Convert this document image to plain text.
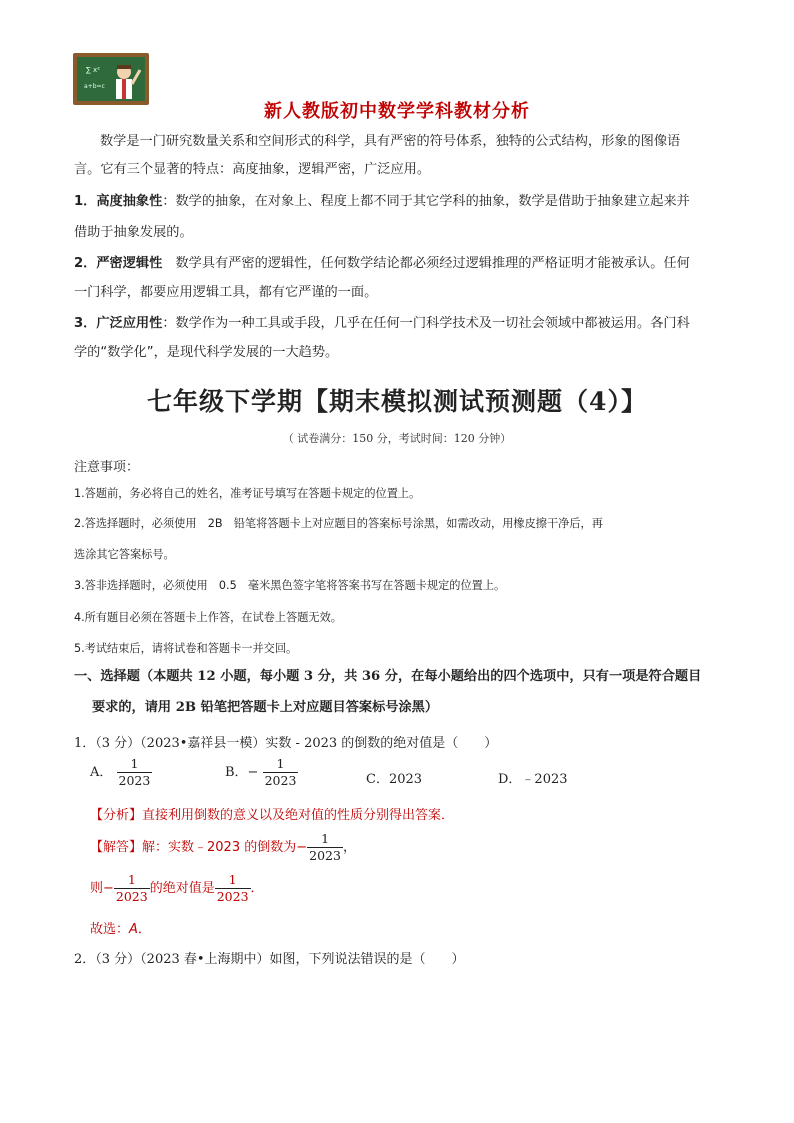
∑ x²
a+b=c
新人教版初中数学学科教材分析
数学是一门研究数量关系和空间形式的科学，具有严密的符号体系，独特的公式结构，形象的图像语
言。它有三个显著的特点：高度抽象，逻辑严密，广泛应用。
1．高度抽象性：数学的抽象，在对象上、程度上都不同于其它学科的抽象，数学是借助于抽象建立起来并
借助于抽象发展的。
2．严密逻辑性　数学具有严密的逻辑性，任何数学结论都必须经过逻辑推理的严格证明才能被承认。任何
一门科学，都要应用逻辑工具，都有它严谨的一面。
3．广泛应用性：数学作为一种工具或手段，几乎在任何一门科学技术及一切社会领域中都被运用。各门科
学的“数学化”，是现代科学发展的一大趋势。
七年级下学期【期末模拟测试预测题（4）】
（ 试卷满分：150 分，考试时间：120 分钟）
注意事项：
1.答题前，务必将自己的姓名，准考证号填写在答题卡规定的位置上。
2.答选择题时，必须使用　2B　铅笔将答题卡上对应题目的答案标号涂黑，如需改动，用橡皮擦干净后，再
选涂其它答案标号。
3.答非选择题时，必须使用　0.5　毫米黑色签字笔将答案书写在答题卡规定的位置上。
4.所有题目必须在答题卡上作答，在试卷上答题无效。
5.考试结束后，请将试卷和答题卡一并交回。
一、选择题（本题共 12 小题，每小题 3 分，共 36 分，在每小题给出的四个选项中，只有一项是符合题目
要求的，请用 2B 铅笔把答题卡上对应题目答案标号涂黑）
1．（3 分）（2023•嘉祥县一模）实数 - 2023 的倒数的绝对值是（　　）
A． $\frac{1}{2023}$	B．− $\frac{1}{2023}$	C．2023	D．﹣2023
【分析】直接利用倒数的意义以及绝对值的性质分别得出答案．
【解答】解：实数﹣2023 的倒数为− $\frac{1}{2023}$ ，
则− $\frac{1}{2023}$ 的绝对值是 $\frac{1}{2023}$ ．
故选：A．
2．（3 分）（2023 春•上海期中）如图，下列说法错误的是（　　）
